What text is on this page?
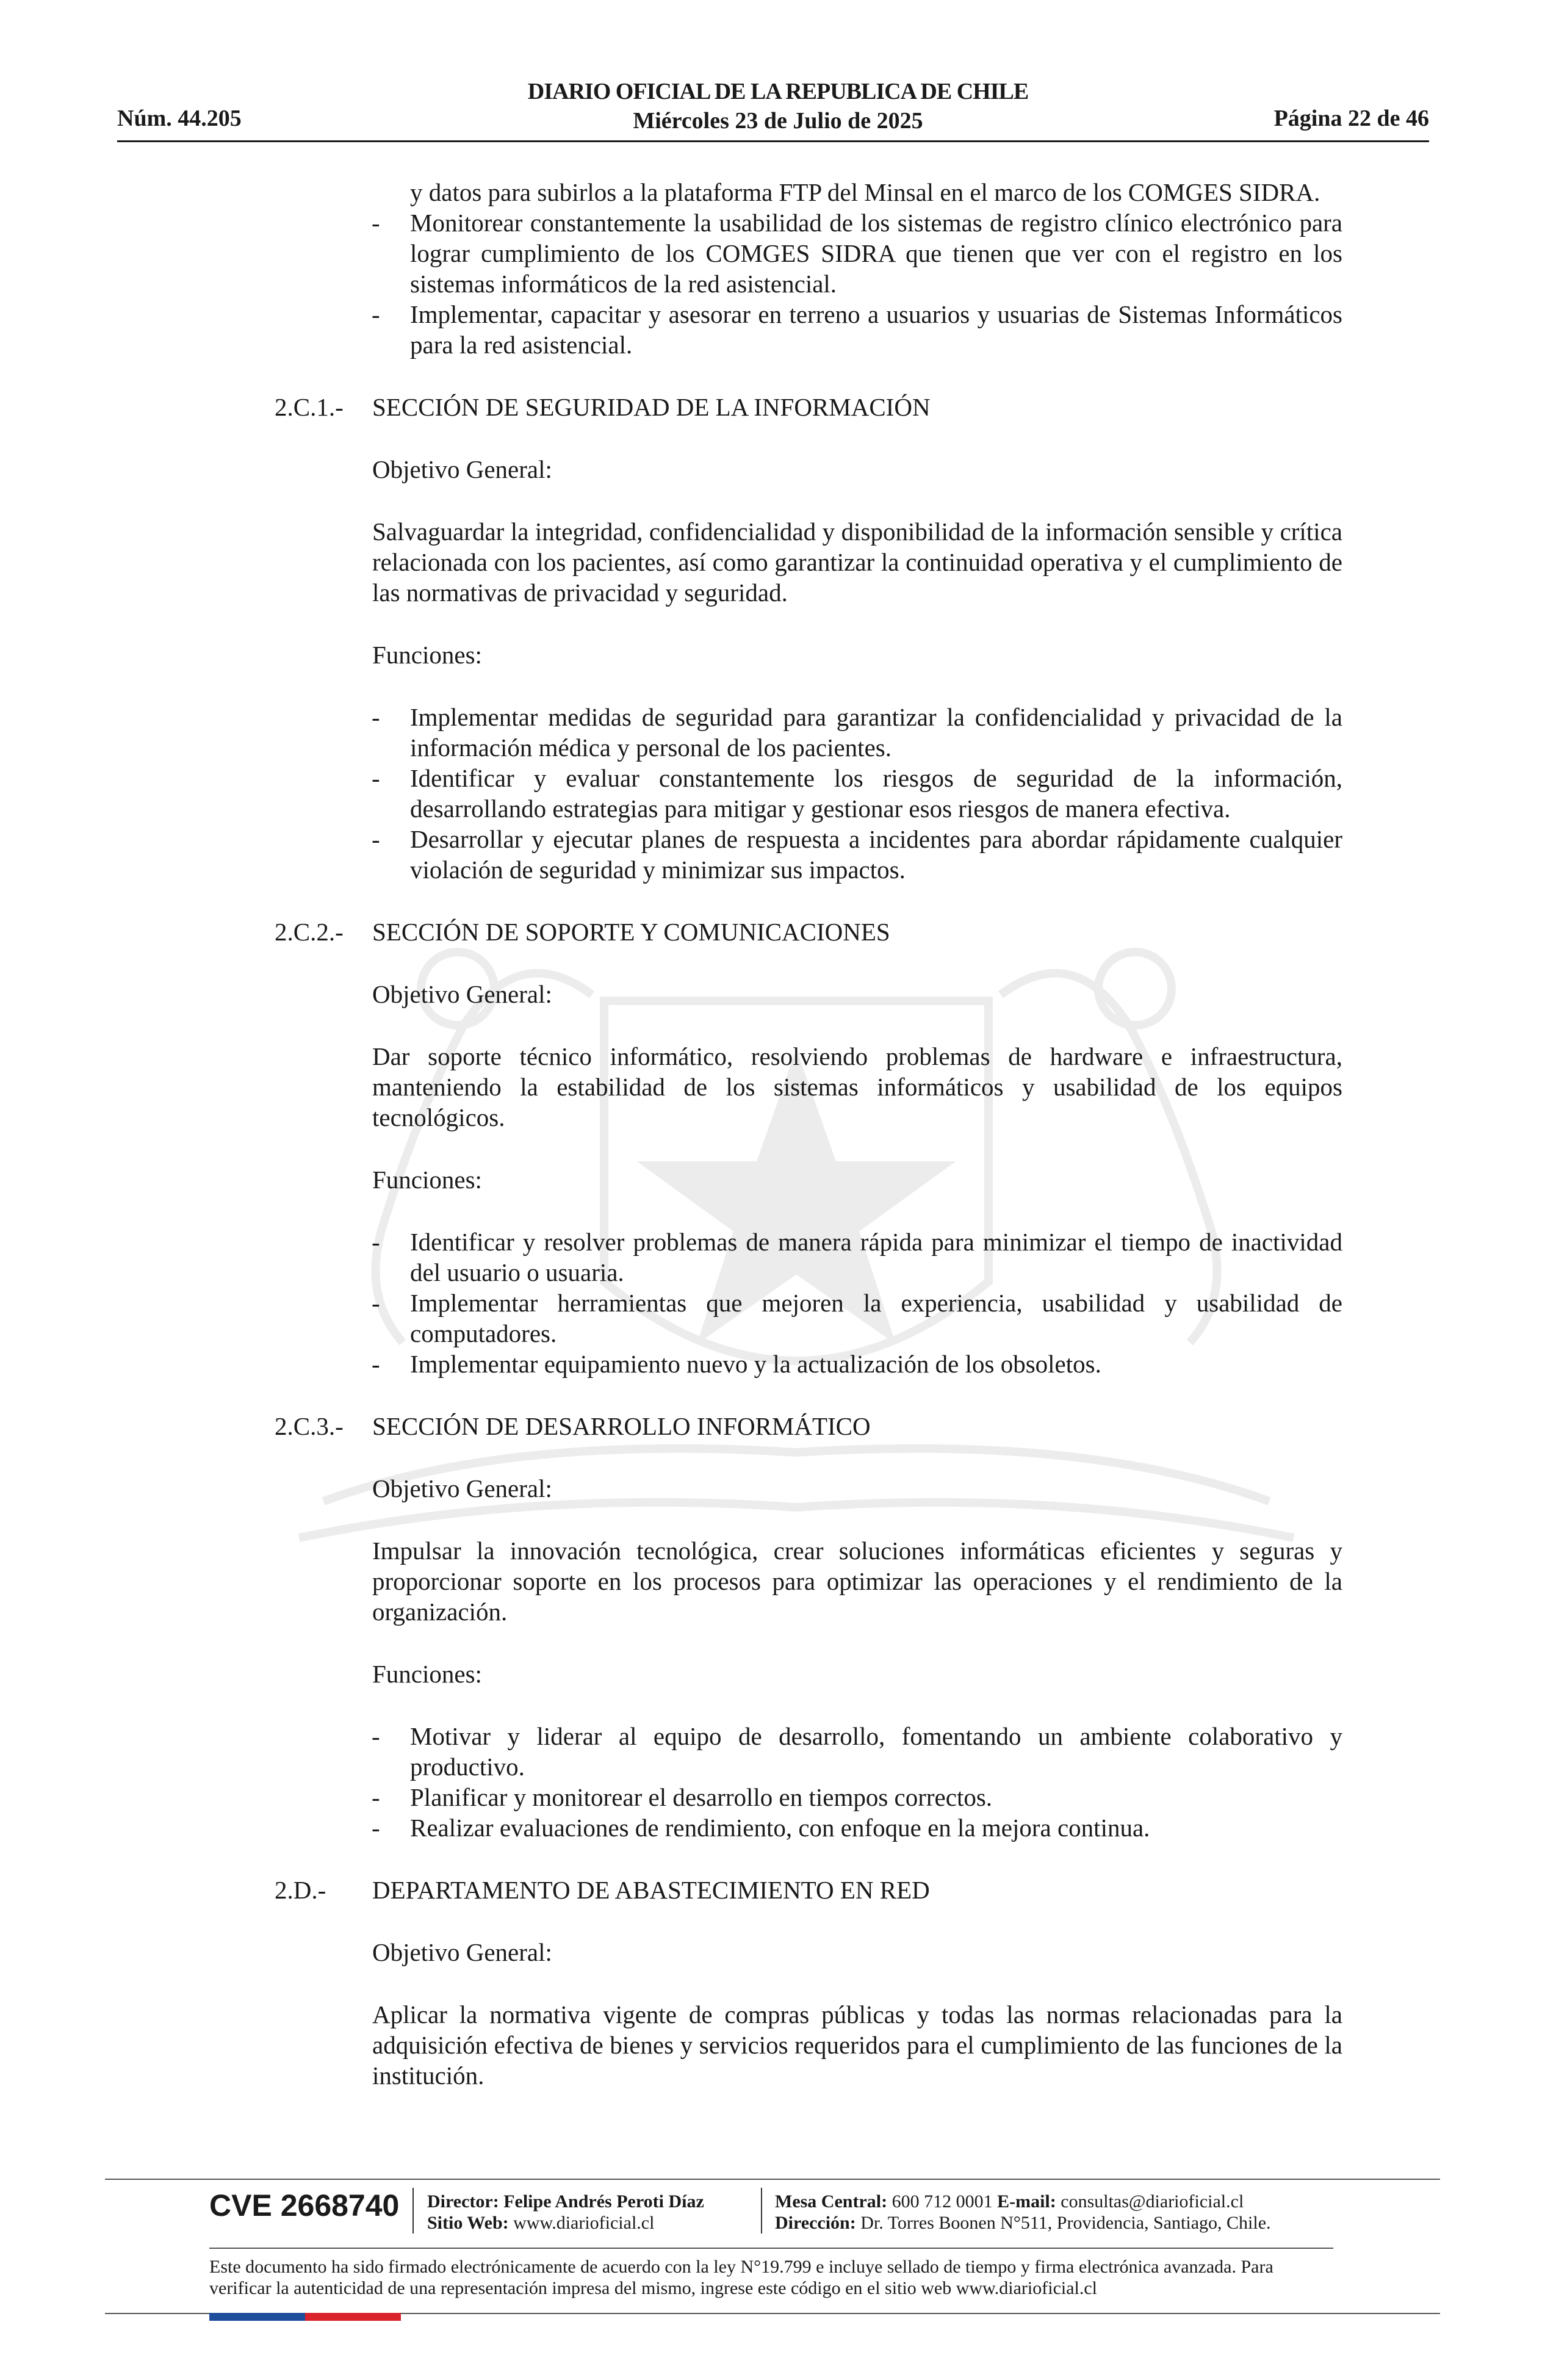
Núm. 44.205
DIARIO OFICIAL DE LA REPUBLICA DE CHILE
Miércoles 23 de Julio de 2025	Página 22 de 46
y datos para subirlos a la plataforma FTP del Minsal en el marco de los COMGES SIDRA.
- Monitorear constantemente la usabilidad de los sistemas de registro clínico electrónico para lograr cumplimiento de los COMGES SIDRA que tienen que ver con el registro en los sistemas informáticos de la red asistencial.
- Implementar, capacitar y asesorar en terreno a usuarios y usuarias de Sistemas Informáticos para la red asistencial.
2.C.1.- SECCIÓN DE SEGURIDAD DE LA INFORMACIÓN
Objetivo General:
Salvaguardar la integridad, confidencialidad y disponibilidad de la información sensible y crítica relacionada con los pacientes, así como garantizar la continuidad operativa y el cumplimiento de las normativas de privacidad y seguridad.
Funciones:
- Implementar medidas de seguridad para garantizar la confidencialidad y privacidad de la información médica y personal de los pacientes.
- Identificar y evaluar constantemente los riesgos de seguridad de la información, desarrollando estrategias para mitigar y gestionar esos riesgos de manera efectiva.
- Desarrollar y ejecutar planes de respuesta a incidentes para abordar rápidamente cualquier violación de seguridad y minimizar sus impactos.
2.C.2.- SECCIÓN DE SOPORTE Y COMUNICACIONES
Objetivo General:
Dar soporte técnico informático, resolviendo problemas de hardware e infraestructura, manteniendo la estabilidad de los sistemas informáticos y usabilidad de los equipos tecnológicos.
Funciones:
- Identificar y resolver problemas de manera rápida para minimizar el tiempo de inactividad del usuario o usuaria.
- Implementar herramientas que mejoren la experiencia, usabilidad y usabilidad de computadores.
- Implementar equipamiento nuevo y la actualización de los obsoletos.
2.C.3.- SECCIÓN DE DESARROLLO INFORMÁTICO
Objetivo General:
Impulsar la innovación tecnológica, crear soluciones informáticas eficientes y seguras y proporcionar soporte en los procesos para optimizar las operaciones y el rendimiento de la organización.
Funciones:
- Motivar y liderar al equipo de desarrollo, fomentando un ambiente colaborativo y productivo.
- Planificar y monitorear el desarrollo en tiempos correctos.
- Realizar evaluaciones de rendimiento, con enfoque en la mejora continua.
2.D.- DEPARTAMENTO DE ABASTECIMIENTO EN RED
Objetivo General:
Aplicar la normativa vigente de compras públicas y todas las normas relacionadas para la adquisición efectiva de bienes y servicios requeridos para el cumplimiento de las funciones de la institución.
CVE 2668740 Director: Felipe Andrés Peroti Díaz
Sitio Web: www.diarioficial.cl
Mesa Central: 600 712 0001 E-mail: consultas@diarioficial.cl
Dirección: Dr. Torres Boonen N°511, Providencia, Santiago, Chile.
Este documento ha sido firmado electrónicamente de acuerdo con la ley N°19.799 e incluye sellado de tiempo y firma electrónica avanzada. Para verificar la autenticidad de una representación impresa del mismo, ingrese este código en el sitio web www.diarioficial.cl
